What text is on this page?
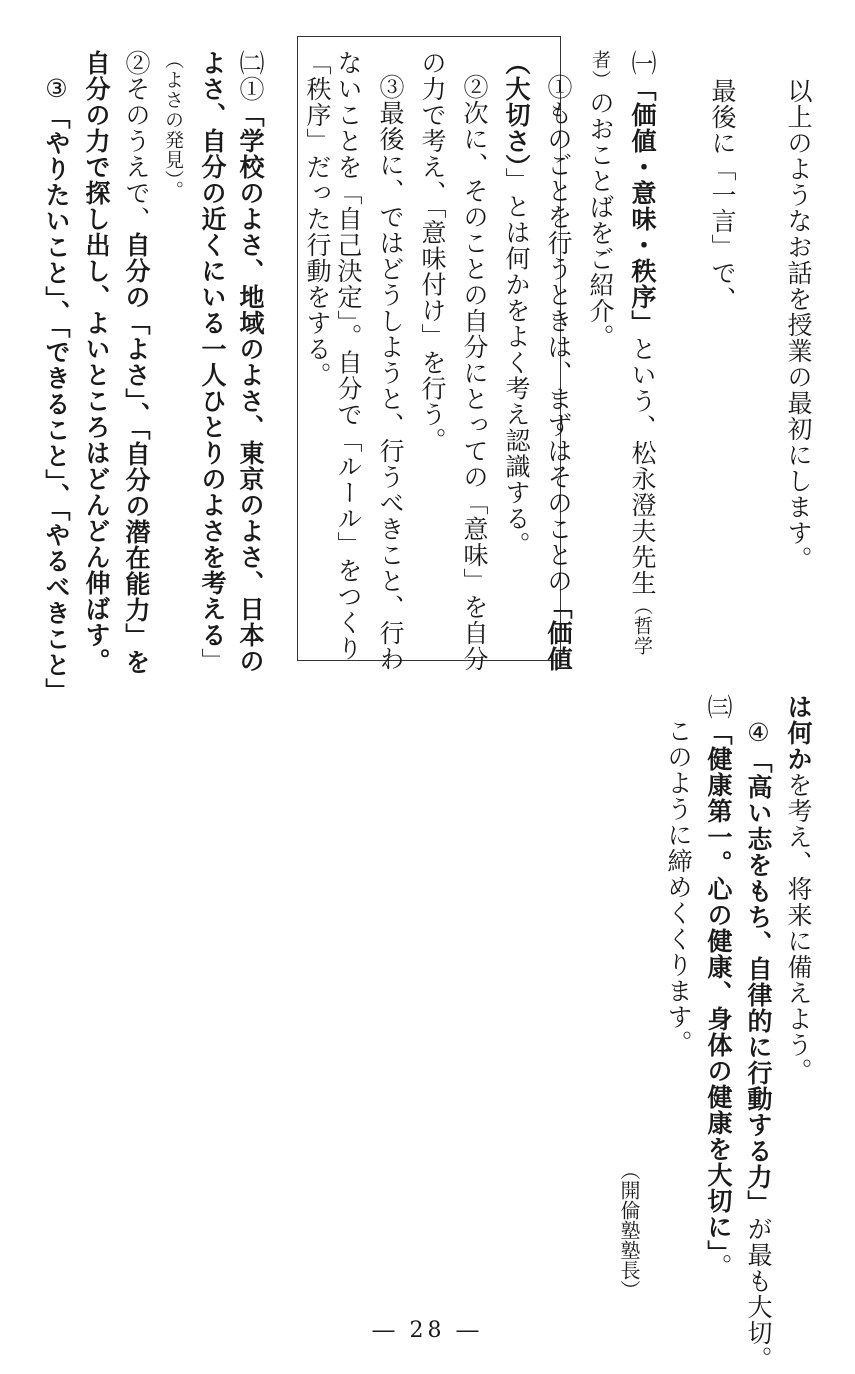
以上のようなお話を授業の最初にします。
最後に「一言」で、
㈠「価値・意味・秩序」という、松永澄夫先生（哲学
者）のおことばをご紹介。
①ものごとを行うときは、まずはそのことの「価値
（大切さ）」とは何かをよく考え認識する。
②次に、そのことの自分にとっての「意味」を自分
の力で考え、「意味付け」を行う。
③最後に、ではどうしようと、行うべきこと、行わ
ないことを「自己決定」。自分で「ルール」をつくり
「秩序」だった行動をする。
㈡①「学校のよさ、地域のよさ、東京のよさ、日本の
よさ、自分の近くにいる一人ひとりのよさを考える」
（よさの発見）。
②そのうえで、自分の「よさ」、「自分の潜在能力」を
自分の力で探し出し、よいところはどんどん伸ばす。
③「やりたいこと」、「できること」、「やるべきこと」
は何かを考え、将来に備えよう。
④「高い志をもち、自律的に行動する力」が最も大切。
㈢「健康第一。心の健康、身体の健康を大切に」。
このように締めくくります。
（開倫塾塾長）
― 28 ―
